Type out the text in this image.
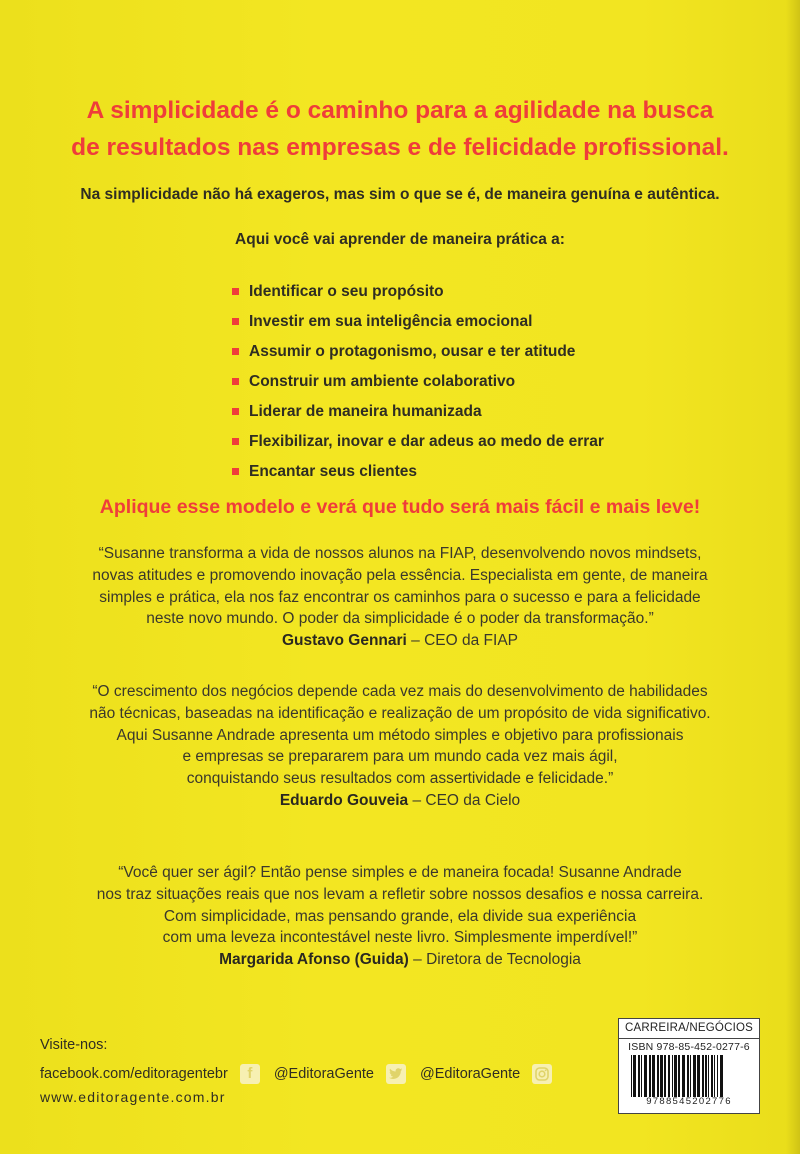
A simplicidade é o caminho para a agilidade na busca
de resultados nas empresas e de felicidade profissional.
Na simplicidade não há exageros, mas sim o que se é, de maneira genuína e autêntica.
Aqui você vai aprender de maneira prática a:
Identificar o seu propósito
Investir em sua inteligência emocional
Assumir o protagonismo, ousar e ter atitude
Construir um ambiente colaborativo
Liderar de maneira humanizada
Flexibilizar, inovar e dar adeus ao medo de errar
Encantar seus clientes
Aplique esse modelo e verá que tudo será mais fácil e mais leve!

“Susanne transforma a vida de nossos alunos na FIAP, desenvolvendo novos mindsets,

novas atitudes e promovendo inovação pela essência. Especialista em gente, de maneira

simples e prática, ela nos faz encontrar os caminhos para o sucesso e para a felicidade

neste novo mundo. O poder da simplicidade é o poder da transformação.”

Gustavo Gennari – CEO da FIAP

“O crescimento dos negócios depende cada vez mais do desenvolvimento de habilidades

não técnicas, baseadas na identificação e realização de um propósito de vida significativo.

Aqui Susanne Andrade apresenta um método simples e objetivo para profissionais

e empresas se prepararem para um mundo cada vez mais ágil,

conquistando seus resultados com assertividade e felicidade.”

Eduardo Gouveia – CEO da Cielo

“Você quer ser ágil? Então pense simples e de maneira focada! Susanne Andrade

nos traz situações reais que nos levam a refletir sobre nossos desafios e nossa carreira.

Com simplicidade, mas pensando grande, ela divide sua experiência

com uma leveza incontestável neste livro. Simplesmente imperdível!”

Margarida Afonso (Guida) – Diretora de Tecnologia

Visite-nos:
facebook.com/editoragentebr	f	@EditoraGente	@EditoraGente
www.editoragente.com.br
CARREIRA/NEGÓCIOS
ISBN 978-85-452-0277-6
9788545202776
